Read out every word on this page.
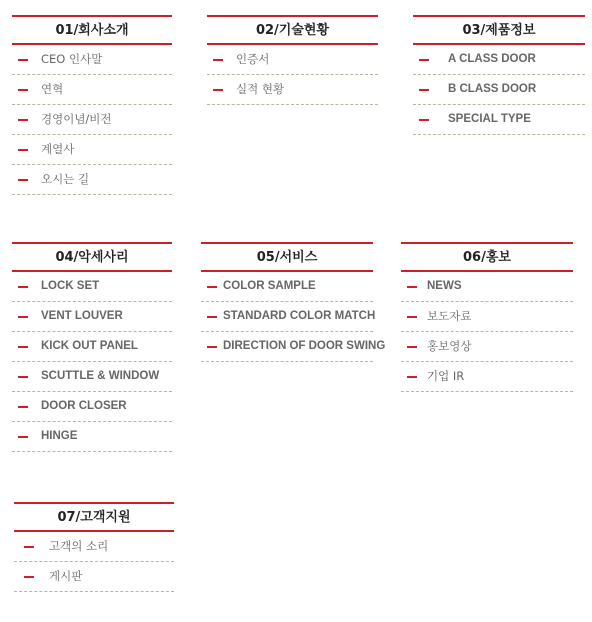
01/회사소개
CEO 인사말
연혁
경영이념/비전
계열사
오시는 길
02/기술현황
인증서
실적 현황
03/제품정보
A CLASS DOOR
B CLASS DOOR
SPECIAL TYPE
04/악세사리
LOCK SET
VENT LOUVER
KICK OUT PANEL
SCUTTLE & WINDOW
DOOR CLOSER
HINGE
05/서비스
COLOR SAMPLE
STANDARD COLOR MATCH
DIRECTION OF DOOR SWING
06/홍보
NEWS
보도자료
홍보영상
기업 IR
07/고객지원
고객의 소리
게시판
